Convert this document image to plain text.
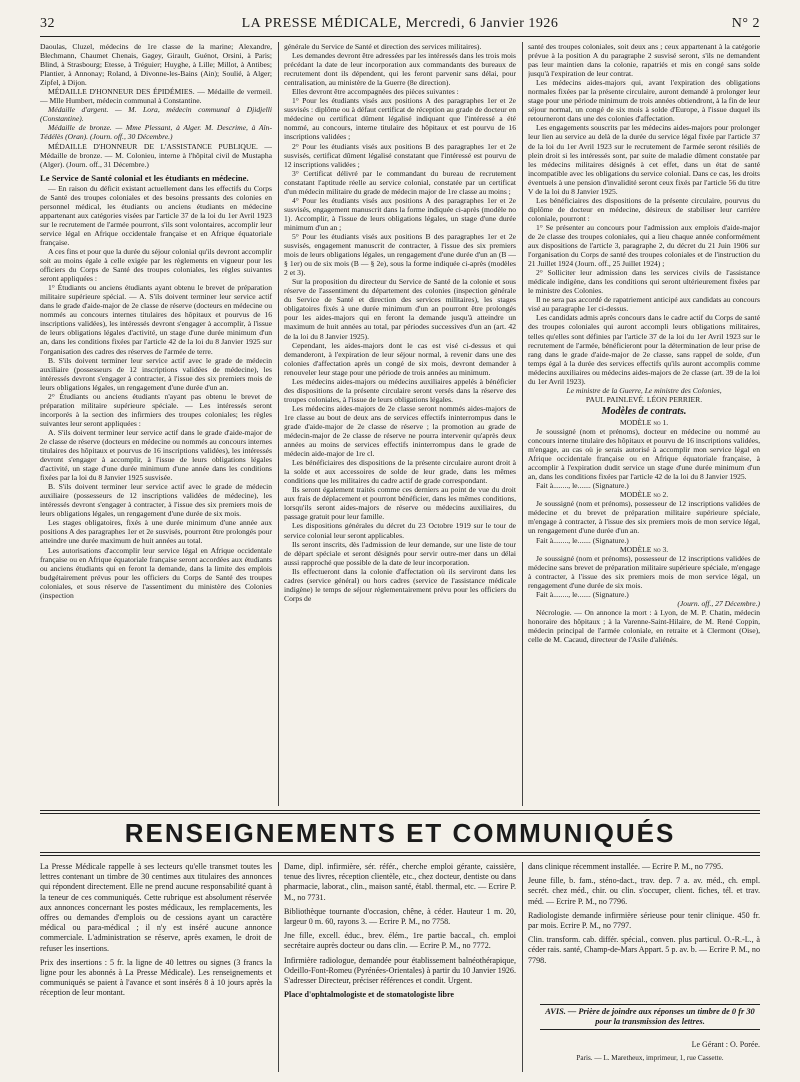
32	LA PRESSE MÉDICALE, Mercredi, 6 Janvier 1926	N° 2

Daoulas, Cluzel, médecins de 1re classe de la marine; Alexandre, Blechmann, Chaumet Chenais, Gagey, Girault, Guénot, Orsini, à Paris; Blind, à Strasbourg; Etesse, à Tréguier; Huyghe, à Lille; Millot, à Antibes; Plantier, à Annonay; Roland, à Divonne-les-Bains (Ain); Soulié, à Alger; Zipfel, à Dijon.

MÉDAILLE D'HONNEUR DES ÉPIDÉMIES. — Médaille de vermeil. — Mlle Humbert, médecin communal à Constantine.

Médaille d'argent. — M. Lora, médecin communal à Djidjelli (Constantine).

Médaille de bronze. — Mme Plessant, à Alger. M. Descrime, à Aïn-Tédélès (Oran). (Journ. off., 30 Décembre.)

MÉDAILLE D'HONNEUR DE L'ASSISTANCE PUBLIQUE. — Médaille de bronze. — M. Colonieu, interne à l'hôpital civil de Mustapha (Alger). (Journ. off., 31 Décembre.)

Le Service de Santé colonial et les étudiants en médecine.

— En raison du déficit existant actuellement dans les effectifs du Corps de Santé des troupes coloniales et des besoins pressants des colonies en personnel médical, les étudiants ou anciens étudiants en médecine appartenant aux catégories visées par l'article 37 de la loi du 1er Avril 1923 sur le recrutement de l'armée pourront, s'ils sont volontaires, accomplir leur service légal en Afrique occidentale française et en Afrique équatoriale française.

A ces fins et pour que la durée du séjour colonial qu'ils devront accomplir soit au moins égale à celle exigée par les règlements en vigueur pour les officiers du Corps de Santé des troupes coloniales, les règles suivantes seront appliquées :

1° Étudiants ou anciens étudiants ayant obtenu le brevet de préparation militaire supérieure spécial. — A. S'ils doivent terminer leur service actif dans le grade d'aide-major de 2e classe de réserve (docteurs en médecine ou nommés au concours internes titulaires des hôpitaux et pourvus de 16 inscriptions validées), les intéressés devront s'engager à accomplir, à l'issue de leurs obligations légales d'activité, un stage d'une durée minimum d'un an, dans les conditions fixées par l'article 42 de la loi du 8 Janvier 1925 sur l'organisation des cadres des réserves de l'armée de terre.

B. S'ils doivent terminer leur service actif avec le grade de médecin auxiliaire (possesseurs de 12 inscriptions validées de médecine), les intéressés devront s'engager à contracter, à l'issue des six premiers mois de leurs obligations légales, un rengagement d'une durée d'un an.

2° Étudiants ou anciens étudiants n'ayant pas obtenu le brevet de préparation militaire supérieure spéciale. — Les intéressés seront incorporés à la section des infirmiers des troupes coloniales; les règles suivantes leur seront appliquées :

A. S'ils doivent terminer leur service actif dans le grade d'aide-major de 2e classe de réserve (docteurs en médecine ou nommés au concours internes titulaires des hôpitaux et pourvus de 16 inscriptions validées), les intéressés devront s'engager à accomplir, à l'issue de leurs obligations légales d'activité, un stage d'une durée minimum d'une année dans les conditions fixées par la loi du 8 Janvier 1925 susvisée.

B. S'ils doivent terminer leur service actif avec le grade de médecin auxiliaire (possesseurs de 12 inscriptions validées de médecine), les intéressés devront s'engager à contracter, à l'issue des six premiers mois de leurs obligations légales, un rengagement d'une durée de six mois.

Les stages obligatoires, fixés à une durée minimum d'une année aux positions A des paragraphes 1er et 2e susvisés, pourront être prolongés pour atteindre une durée maximum de huit années au total.

Les autorisations d'accomplir leur service légal en Afrique occidentale française ou en Afrique équatoriale française seront accordées aux étudiants ou anciens étudiants qui en feront la demande, dans la limite des emplois budgétairement prévus pour les officiers du Corps de Santé des troupes coloniales, et sous réserve de l'assentiment du ministère des Colonies (inspection

générale du Service de Santé et direction des services militaires).

Les demandes devront être adressées par les intéressés dans les trois mois précédant la date de leur incorporation aux commandants des bureaux de recrutement dont ils dépendent, qui les feront parvenir sans délai, pour centralisation, au ministère de la Guerre (8e direction).

Elles devront être accompagnées des pièces suivantes :

1° Pour les étudiants visés aux positions A des paragraphes 1er et 2e susvisés : diplôme ou à défaut certificat de réception au grade de docteur en médecine ou certificat dûment légalisé indiquant que l'intéressé a été nommé, au concours, interne titulaire des hôpitaux et est pourvu de 16 inscriptions validées ;

2° Pour les étudiants visés aux positions B des paragraphes 1er et 2e susvisés, certificat dûment légalisé constatant que l'intéressé est pourvu de 12 inscriptions validées ;

3° Certificat délivré par le commandant du bureau de recrutement constatant l'aptitude réelle au service colonial, constatée par un certificat d'un médecin militaire du grade de médecin major de 1re classe au moins ;

4° Pour les étudiants visés aux positions A des paragraphes 1er et 2e susvisés, engagement manuscrit dans la forme indiquée ci-après (modèle no 1). Accomplir, à l'issue de leurs obligations légales, un stage d'une durée minimum d'un an ;

5° Pour les étudiants visés aux positions B des paragraphes 1er et 2e susvisés, engagement manuscrit de contracter, à l'issue des six premiers mois de leurs obligations légales, un rengagement d'une durée d'un an (B — § 1er) ou de six mois (B — § 2e), sous la forme indiquée ci-après (modèles 2 et 3).

Sur la proposition du directeur du Service de Santé de la colonie et sous réserve de l'assentiment du département des colonies (inspection générale du Service de Santé et direction des services militaires), les stages obligatoires fixés à une durée minimum d'un an pourront être prolongés pour les aides-majors qui en feront la demande jusqu'à atteindre un maximum de huit années au total, par périodes successives d'un an (art. 42 de la loi du 8 Janvier 1925).

Cependant, les aides-majors dont le cas est visé ci-dessus et qui demanderont, à l'expiration de leur séjour normal, à revenir dans une des colonies d'affectation après un congé de six mois, devront demander à renouveler leur stage pour une période de trois années au minimum.

Les médecins aides-majors ou médecins auxiliaires appelés à bénéficier des dispositions de la présente circulaire seront versés dans la réserve des troupes coloniales, à l'issue de leurs obligations légales.

Les médecins aides-majors de 2e classe seront nommés aides-majors de 1re classe au bout de deux ans de services effectifs ininterrompus dans le grade d'aide-major de 2e classe de réserve ; la promotion au grade de médecin-major de 2e classe de réserve ne pourra intervenir qu'après deux années au moins de services effectifs ininterrompus dans le grade de médecin aide-major de 1re cl.

Les bénéficiaires des dispositions de la présente circulaire auront droit à la solde et aux accessoires de solde de leur grade, dans les mêmes conditions que les militaires du cadre actif de grade correspondant.

Ils seront également traités comme ces derniers au point de vue du droit aux frais de déplacement et pourront bénéficier, dans les mêmes conditions, lorsqu'ils seront aides-majors de réserve ou médecins auxiliaires, du passage gratuit pour leur famille.

Les dispositions générales du décret du 23 Octobre 1919 sur le tour de service colonial leur seront applicables.

Ils seront inscrits, dès l'admission de leur demande, sur une liste de tour de départ spéciale et seront désignés pour servir outre-mer dans un délai aussi rapproché que possible de la date de leur incorporation.

Ils effectueront dans la colonie d'affectation où ils serviront dans les cadres (service général) ou hors cadres (service de l'assistance médicale indigène) le temps de séjour réglementairement prévu pour les officiers du Corps de

santé des troupes coloniales, soit deux ans ; ceux appartenant à la catégorie prévue à la position A du paragraphe 2 susvisé seront, s'ils ne demandent pas leur maintien dans la colonie, rapatriés et mis en congé sans solde jusqu'à l'expiration de leur contrat.

Les médecins aides-majors qui, avant l'expiration des obligations normales fixées par la présente circulaire, auront demandé à prolonger leur stage pour une période minimum de trois années obtiendront, à la fin de leur séjour normal, un congé de six mois à solde d'Europe, à l'issue duquel ils retourneront dans une des colonies d'affectation.

Les engagements souscrits par les médecins aides-majors pour prolonger leur lien au service au delà de la durée du service légal fixée par l'article 37 de la loi du 1er Avril 1923 sur le recrutement de l'armée seront résiliés de plein droit si les intéressés sont, par suite de maladie dûment constatée par les médecins militaires désignés à cet effet, dans un état de santé incompatible avec les obligations du service colonial. Dans ce cas, les droits éventuels à une pension d'invalidité seront ceux fixés par l'article 56 du titre V de la loi du 8 Janvier 1925.

Les bénéficiaires des dispositions de la présente circulaire, pourvus du diplôme de docteur en médecine, désireux de stabiliser leur carrière coloniale, pourront :

1° Se présenter au concours pour l'admission aux emplois d'aide-major de 2e classe des troupes coloniales, qui a lieu chaque année conformément aux dispositions de l'article 3, paragraphe 2, du décret du 21 Juin 1906 sur l'organisation du Corps de santé des troupes coloniales et de l'instruction du 21 Juillet 1924 (Journ. off., 25 Juillet 1924) ;

2° Solliciter leur admission dans les services civils de l'assistance médicale indigène, dans les conditions qui seront ultérieurement fixées par le ministre des Colonies.

Il ne sera pas accordé de rapatriement anticipé aux candidats au concours visé au paragraphe 1er ci-dessus.

Les candidats admis après concours dans le cadre actif du Corps de santé des troupes coloniales qui auront accompli leurs obligations militaires, telles qu'elles sont définies par l'article 37 de la loi du 1er Avril 1923 sur le recrutement de l'armée, bénéficieront pour la détermination de leur prise de rang dans le grade d'aide-major de 2e classe, sans rappel de solde, d'un temps égal à la durée des services effectifs qu'ils auront accomplis comme médecins auxiliaires ou médecins aides-majors de 2e classe (art. 39 de la loi du 1er Avril 1923).

Le ministre de la Guerre, Le ministre des Colonies,

PAUL PAINLEVÉ. LÉON PERRIER.

Modèles de contrats.

MODÈLE no 1.

Je soussigné (nom et prénoms), docteur en médecine ou nommé au concours interne titulaire des hôpitaux et pourvu de 16 inscriptions validées, m'engage, au cas où je serais autorisé à accomplir mon service légal en Afrique occidentale française ou en Afrique équatoriale française, à accomplir à l'expiration dudit service un stage d'une durée minimum d'un an, dans les conditions fixées par l'article 42 de la loi du 8 Janvier 1925.

Fait à........, le....... (Signature.)

MODÈLE no 2.

Je soussigné (nom et prénoms), possesseur de 12 inscriptions validées de médecine et du brevet de préparation militaire supérieure spéciale, m'engage à contracter, à l'issue des six premiers mois de mon service légal, un rengagement d'une durée d'un an.

Fait à........, le....... (Signature.)

MODÈLE no 3.

Je soussigné (nom et prénoms), possesseur de 12 inscriptions validées de médecine sans brevet de préparation militaire supérieure spéciale, m'engage à contracter, à l'issue des six premiers mois de mon service légal, un rengagement d'une durée de six mois.

Fait à........, le....... (Signature.)

(Journ. off., 27 Décembre.)

Nécrologie. — On annonce la mort : à Lyon, de M. P. Chatin, médecin honoraire des hôpitaux ; à la Varenne-Saint-Hilaire, de M. René Coppin, médecin principal de l'armée coloniale, en retraite et à Clermont (Oise), celle de M. Cacaud, directeur de l'Asile d'aliénés.

RENSEIGNEMENTS ET COMMUNIQUÉS

La Presse Médicale rappelle à ses lecteurs qu'elle transmet toutes les lettres contenant un timbre de 30 centimes aux titulaires des annonces qui répondent directement. Elle ne prend aucune responsabilité quant à la teneur de ces communiqués. Cette rubrique est absolument réservée aux annonces concernant les postes médicaux, les remplacements, les offres ou demandes d'emplois ou de cessions ayant un caractère médical ou para-médical ; il n'y est inséré aucune annonce commerciale. L'administration se réserve, après examen, le droit de refuser les insertions.

Prix des insertions : 5 fr. la ligne de 40 lettres ou signes (3 francs la ligne pour les abonnés à La Presse Médicale). Les renseignements et communiqués se paient à l'avance et sont insérés 8 à 10 jours après la réception de leur montant.

Dame, dipl. infirmière, sér. référ., cherche emploi gérante, caissière, tenue des livres, réception clientèle, etc., chez docteur, dentiste ou dans pharmacie, laborat., clin., maison santé, établ. thermal, etc. — Ecrire P. M., no 7731.

Bibliothèque tournante d'occasion, chêne, à céder. Hauteur 1 m. 20, largeur 0 m. 60, rayons 3. — Ecrire P. M., no 7758.

Jne fille, excell. éduc., brev. élém., 1re partie baccal., ch. emploi secrétaire auprès docteur ou dans clin. — Ecrire P. M., no 7772.

Infirmière radiologue, demandée pour établissement balnéothérapique, Odeillo-Font-Romeu (Pyrénées-Orientales) à partir du 10 Janvier 1926. S'adresser Directeur, préciser références et condit. Urgent.

Place d'ophtalmologiste et de stomatologiste libre

dans clinique récemment installée. — Ecrire P. M., no 7795.

Jeune fille, b. fam., sténo-dact., trav. dep. 7 a. av. méd., ch. empl. secrét. chez méd., chir. ou clin. s'occuper, client. fiches, tél. et trav. méd. — Ecrire P. M., no 7796.

Radiologiste demande infirmière sérieuse pour tenir clinique. 450 fr. par mois. Ecrire P. M., no 7797.

Clin. transform. cab. différ. spécial., conven. plus particul. O.-R.-L., à céder rais. santé, Champ-de-Mars Appart. 5 p. av. b. — Ecrire P. M., no 7798.

AVIS. — Prière de joindre aux réponses un timbre de 0 fr 30 pour la transmission des lettres.
Le Gérant : O. Porée.
Paris. — L. Maretheux, imprimeur, 1, rue Cassette.
